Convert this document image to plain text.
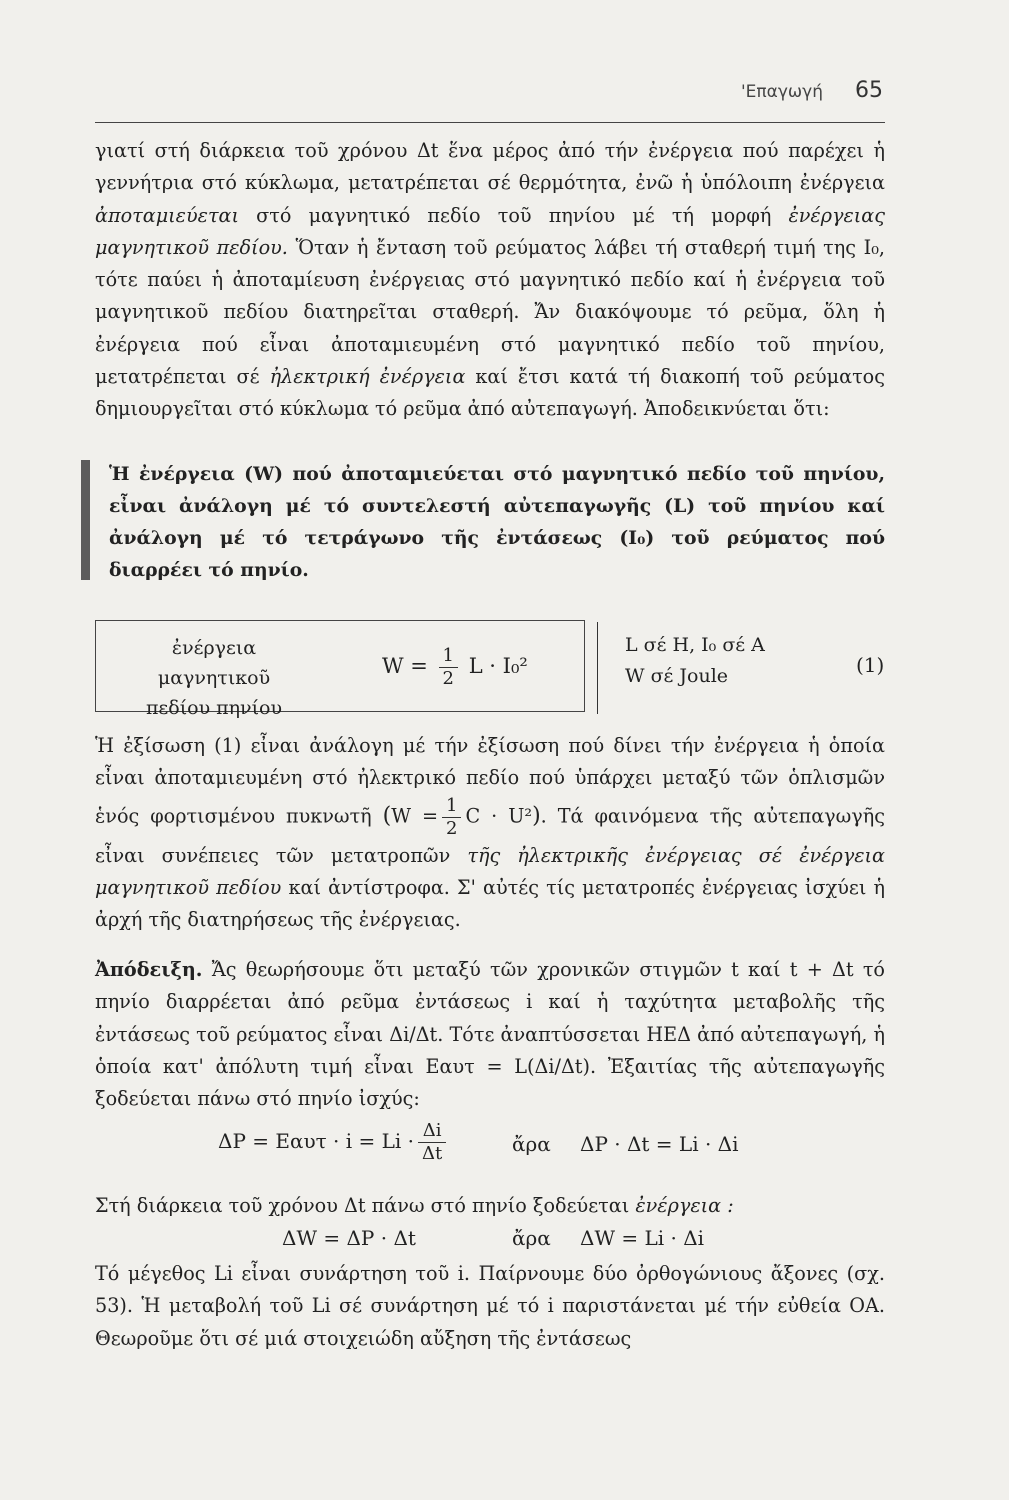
'Επαγωγή 65
γιατί στή διάρκεια τοῦ χρόνου Δt ἕνα μέρος ἀπό τήν ἐνέργεια πού παρέχει ἡ γεννήτρια στό κύκλωμα, μετατρέπεται σέ θερμότητα, ἐνῶ ἡ ὑπόλοιπη ἐνέργεια ἀποταμιεύεται στό μαγνητικό πεδίο τοῦ πηνίου μέ τή μορφή ἐνέργειας μαγνητικοῦ πεδίου. Ὅταν ἡ ἔνταση τοῦ ρεύματος λάβει τή σταθερή τιμή της I₀, τότε παύει ἡ ἀποταμίευση ἐνέργειας στό μαγνητικό πεδίο καί ἡ ἐνέργεια τοῦ μαγνητικοῦ πεδίου διατηρεῖται σταθερή. Ἄν διακόψουμε τό ρεῦμα, ὅλη ἡ ἐνέργεια πού εἶναι ἀποταμιευμένη στό μαγνητικό πεδίο τοῦ πηνίου, μετατρέπεται σέ ἠλεκτρική ἐνέργεια καί ἔτσι κατά τή διακοπή τοῦ ρεύματος δημιουργεῖται στό κύκλωμα τό ρεῦμα ἀπό αὐτεπαγωγή. Ἀποδεικνύεται ὅτι:
Ἡ ἐνέργεια (W) πού ἀποταμιεύεται στό μαγνητικό πεδίο τοῦ πηνίου, εἶναι ἀνάλογη μέ τό συντελεστή αὐτεπαγωγῆς (L) τοῦ πηνίου καί ἀνάλογη μέ τό τετράγωνο τῆς ἐντάσεως (I₀) τοῦ ρεύματος πού διαρρέει τό πηνίο.
ἐνέργεια μαγνητικοῦ
πεδίου πηνίου
$W = \frac{1}{2}$ L · I₀²
L σέ H, I₀ σέ A
W σέ Joule	(1)
Ἡ ἐξίσωση (1) εἶναι ἀνάλογη μέ τήν ἐξίσωση πού δίνει τήν ἐνέργεια ἡ ὁποία εἶναι ἀποταμιευμένη στό ἠλεκτρικό πεδίο πού ὑπάρχει μεταξύ τῶν ὁπλισμῶν ἑνός φορτισμένου πυκνωτῆ ($W = \frac{1}{2}$ C · U²). Τά φαινόμενα τῆς αὐτεπαγωγῆς εἶναι συνέπειες τῶν μετατροπῶν τῆς ἠλεκτρικῆς ἐνέργειας σέ ἐνέργεια μαγνητικοῦ πεδίου καί ἀντίστροφα. Σ' αὐτές τίς μετατροπές ἐνέργειας ἰσχύει ἡ ἀρχή τῆς διατηρήσεως τῆς ἐνέργειας.
Ἀπόδειξη. Ἄς θεωρήσουμε ὅτι μεταξύ τῶν χρονικῶν στιγμῶν t καί t + Δt τό πηνίο διαρρέεται ἀπό ρεῦμα ἐντάσεως i καί ἡ ταχύτητα μεταβολῆς τῆς ἐντάσεως τοῦ ρεύματος εἶναι Δi/Δt. Τότε ἀναπτύσσεται ΗΕΔ ἀπό αὐτεπαγωγή, ἡ ὁποία κατ' ἀπόλυτη τιμή εἶναι Eαυτ = L(Δi/Δt). Ἐξαιτίας τῆς αὐτεπαγωγῆς ξοδεύεται πάνω στό πηνίο ἰσχύς:
$\Delta P = E\alpha\upsilon\tau \cdot i = Li \cdot \frac{\Delta i}{\Delta t}$	ἄρα ΔP · Δt = Li · Δi
Στή διάρκεια τοῦ χρόνου Δt πάνω στό πηνίο ξοδεύεται ἐνέργεια :
ΔW = ΔP · Δt	ἄρα ΔW = Li · Δi
Τό μέγεθος Li εἶναι συνάρτηση τοῦ i. Παίρνουμε δύο ὀρθογώνιους ἄξονες (σχ. 53). Ἡ μεταβολή τοῦ Li σέ συνάρτηση μέ τό i παριστάνεται μέ τήν εὐθεία ΟΑ. Θεωροῦμε ὅτι σέ μιά στοιχειώδη αὔξηση τῆς ἐντάσεως
